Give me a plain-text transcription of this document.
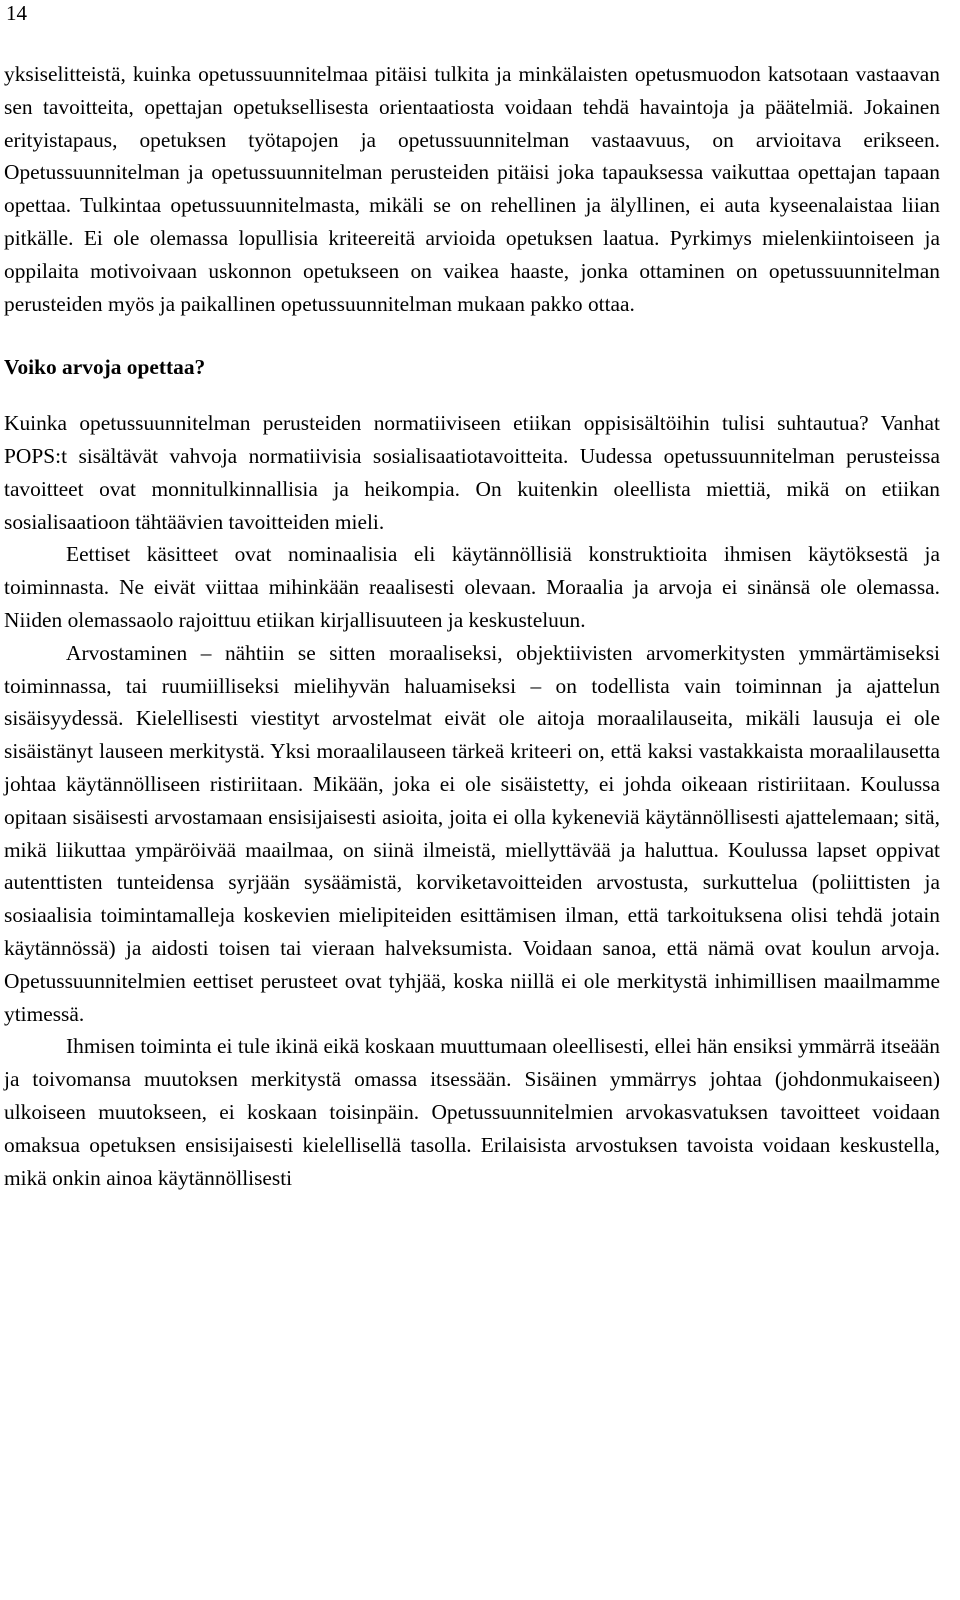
14

yksiselitteistä, kuinka opetussuunnitelmaa pitäisi tulkita ja minkälaisten opetusmuodon katsotaan vastaavan sen tavoitteita, opettajan opetuksellisesta orientaatiosta voidaan tehdä havaintoja ja päätelmiä. Jokainen erityistapaus, opetuksen työtapojen ja opetussuunnitelman vastaavuus, on arvioitava erikseen. Opetussuunnitelman ja opetussuunnitelman perusteiden pitäisi joka tapauksessa vaikuttaa opettajan tapaan opettaa. Tulkintaa opetussuunnitelmasta, mikäli se on rehellinen ja älyllinen, ei auta kyseenalaistaa liian pitkälle. Ei ole olemassa lopullisia kriteereitä arvioida opetuksen laatua. Pyrkimys mielenkiintoiseen ja oppilaita motivoivaan uskonnon opetukseen on vaikea haaste, jonka ottaminen on opetussuunnitelman perusteiden myös ja paikallinen opetussuunnitelman mukaan pakko ottaa.

Voiko arvoja opettaa?

Kuinka opetussuunnitelman perusteiden normatiiviseen etiikan oppisisältöihin tulisi suhtautua? Vanhat POPS:t sisältävät vahvoja normatiivisia sosialisaatiotavoitteita. Uudessa opetussuunnitelman perusteissa tavoitteet ovat monnitulkinnallisia ja heikompia. On kuitenkin oleellista miettiä, mikä on etiikan sosialisaatioon tähtäävien tavoitteiden mieli.

Eettiset käsitteet ovat nominaalisia eli käytännöllisiä konstruktioita ihmisen käytöksestä ja toiminnasta. Ne eivät viittaa mihinkään reaalisesti olevaan. Moraalia ja arvoja ei sinänsä ole olemassa. Niiden olemassaolo rajoittuu etiikan kirjallisuuteen ja keskusteluun.

Arvostaminen – nähtiin se sitten moraaliseksi, objektiivisten arvomerkitysten ymmärtämiseksi toiminnassa, tai ruumiilliseksi mielihyvän haluamiseksi – on todellista vain toiminnan ja ajattelun sisäisyydessä. Kielellisesti viestityt arvostelmat eivät ole aitoja moraalilauseita, mikäli lausuja ei ole sisäistänyt lauseen merkitystä. Yksi moraalilauseen tärkeä kriteeri on, että kaksi vastakkaista moraalilausetta johtaa käytännölliseen ristiriitaan. Mikään, joka ei ole sisäistetty, ei johda oikeaan ristiriitaan. Koulussa opitaan sisäisesti arvostamaan ensisijaisesti asioita, joita ei olla kykeneviä käytännöllisesti ajattelemaan; sitä, mikä liikuttaa ympäröivää maailmaa, on siinä ilmeistä, miellyttävää ja haluttua. Koulussa lapset oppivat autenttisten tunteidensa syrjään sysäämistä, korviketavoitteiden arvostusta, surkuttelua (poliittisten ja sosiaalisia toimintamalleja koskevien mielipiteiden esittämisen ilman, että tarkoituksena olisi tehdä jotain käytännössä) ja aidosti toisen tai vieraan halveksumista. Voidaan sanoa, että nämä ovat koulun arvoja. Opetussuunnitelmien eettiset perusteet ovat tyhjää, koska niillä ei ole merkitystä inhimillisen maailmamme ytimessä.

Ihmisen toiminta ei tule ikinä eikä koskaan muuttumaan oleellisesti, ellei hän ensiksi ymmärrä itseään ja toivomansa muutoksen merkitystä omassa itsessään. Sisäinen ymmärrys johtaa (johdonmukaiseen) ulkoiseen muutokseen, ei koskaan toisinpäin. Opetussuunnitelmien arvokasvatuksen tavoitteet voidaan omaksua opetuksen ensisijaisesti kielellisellä tasolla. Erilaisista arvostuksen tavoista voidaan keskustella, mikä onkin ainoa käytännöllisesti
